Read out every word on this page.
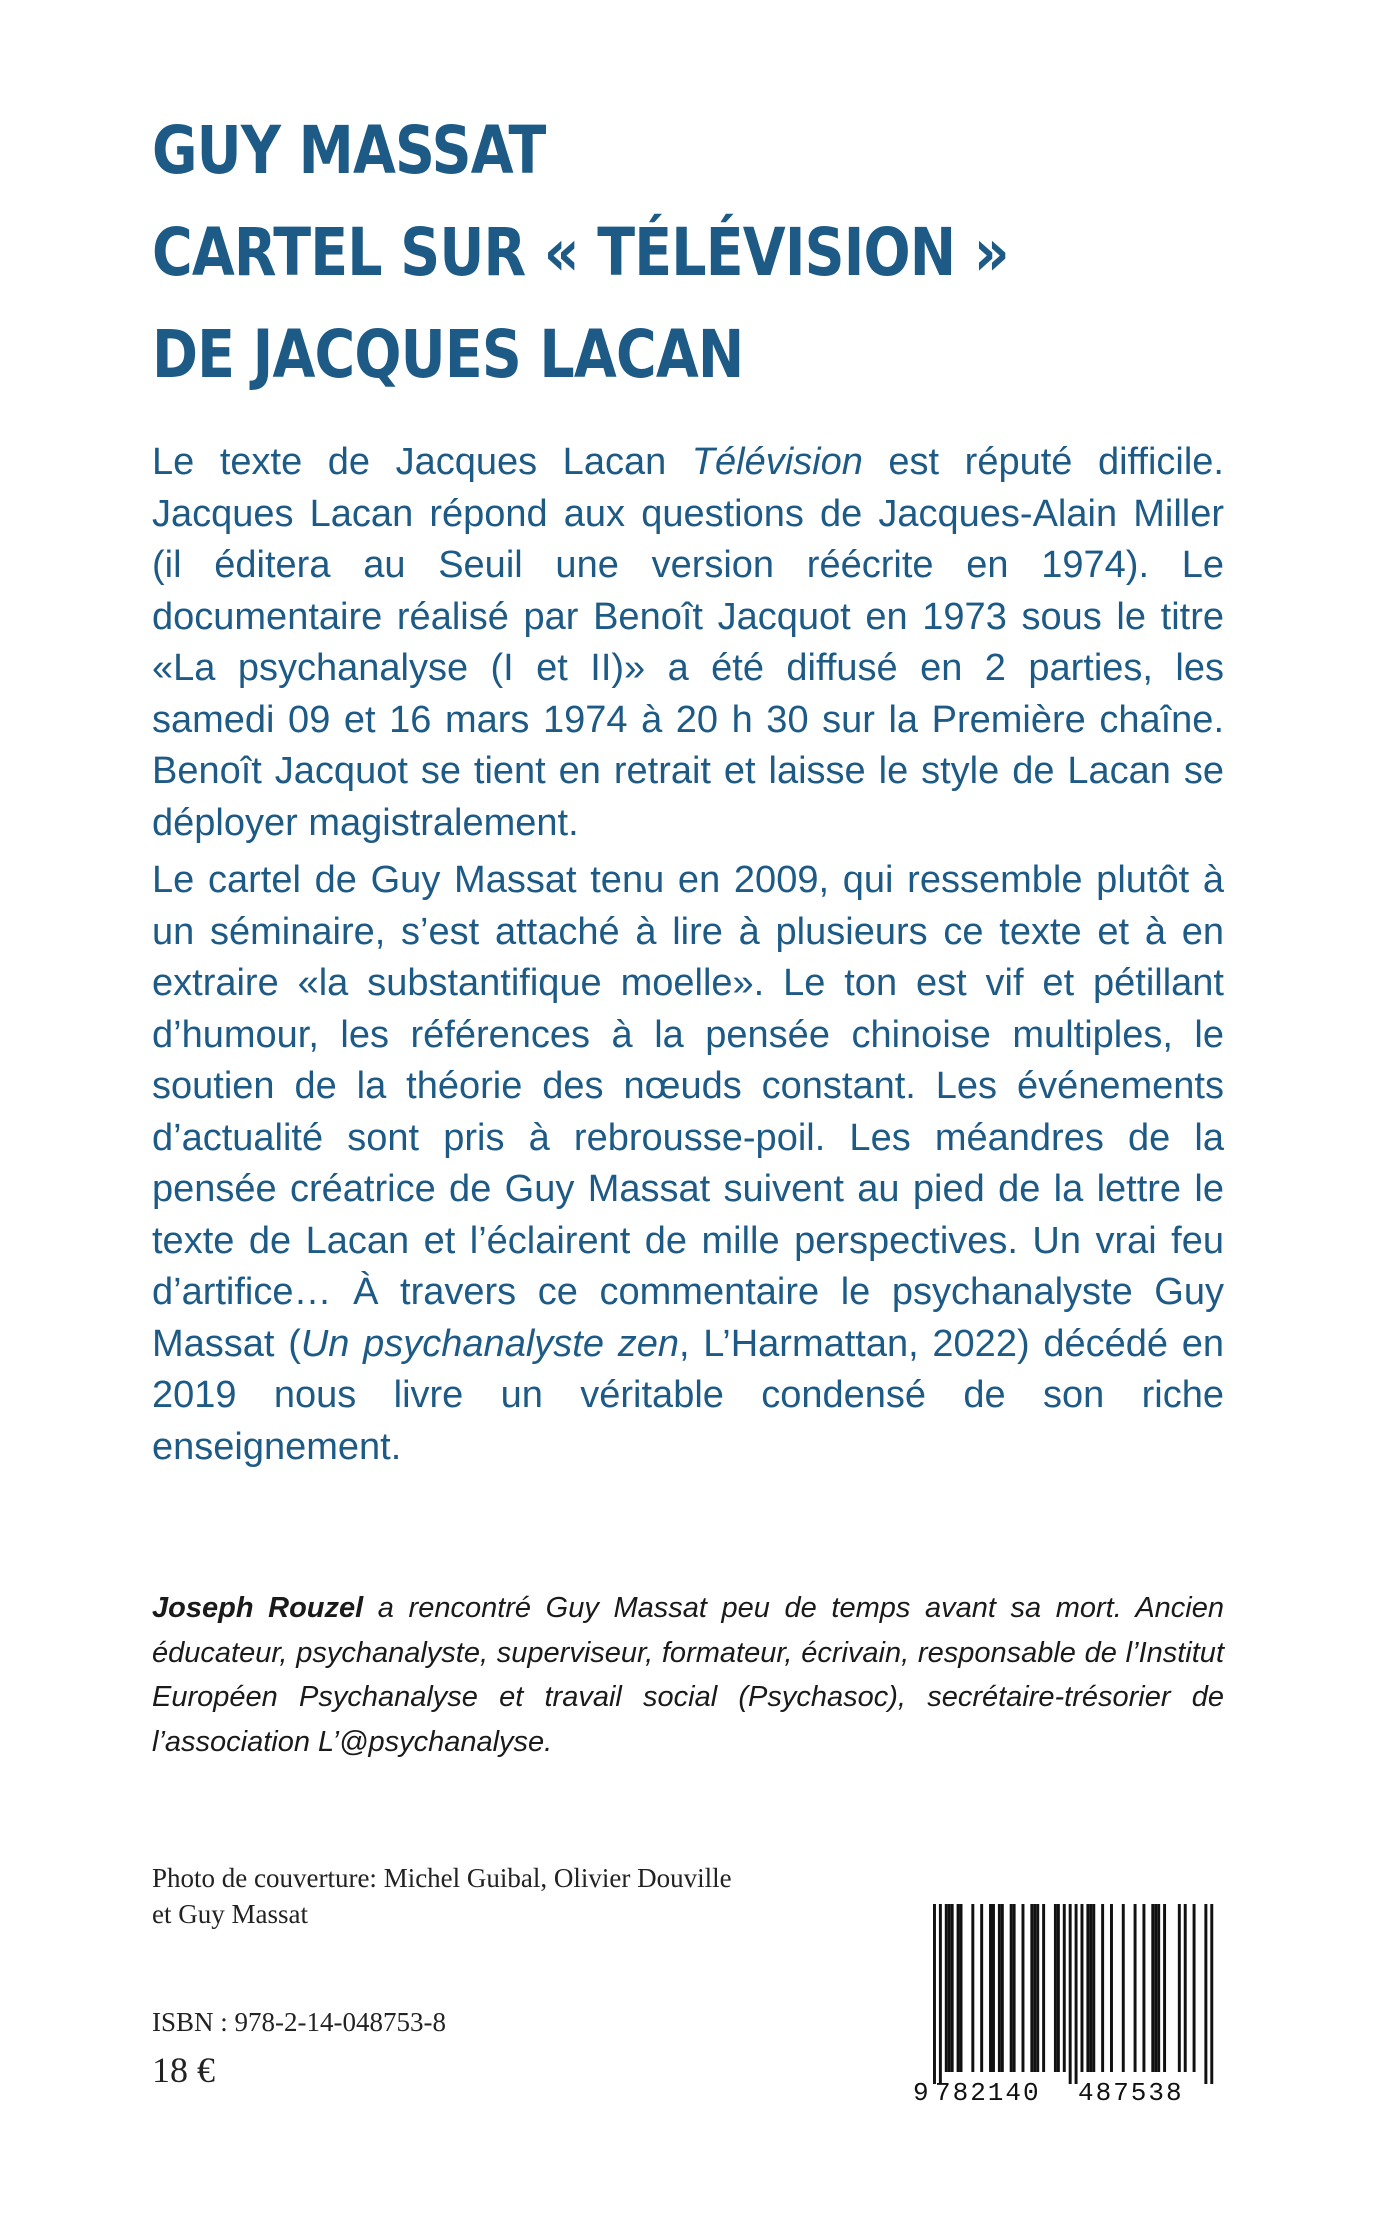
GUY MASSAT
CARTEL SUR « TÉLÉVISION »
DE JACQUES LACAN

Le texte de Jacques Lacan Télévision est réputé difficile. Jacques Lacan répond aux questions de Jacques-Alain Miller (il éditera au Seuil une version réécrite en 1974). Le documentaire réalisé par Benoît Jacquot en 1973 sous le titre «La psychanalyse (I et II)» a été diffusé en 2 parties, les samedi 09 et 16 mars 1974 à 20 h 30 sur la Première chaîne. Benoît Jacquot se tient en retrait et laisse le style de Lacan se déployer magistralement.

Le cartel de Guy Massat tenu en 2009, qui ressemble plutôt à un séminaire, s’est attaché à lire à plusieurs ce texte et à en extraire «la substantifique moelle». Le ton est vif et pétillant d’humour, les références à la pensée chinoise multiples, le soutien de la théorie des nœuds constant. Les événements d’actualité sont pris à rebrousse-poil. Les méandres de la pensée créatrice de Guy Massat suivent au pied de la lettre le texte de Lacan et l’éclairent de mille perspectives. Un vrai feu d’artifice… À travers ce commentaire le psychanalyste Guy Massat (Un psychanalyste zen, L’Harmattan, 2022) décédé en 2019 nous livre un véritable condensé de son riche enseignement.

Joseph Rouzel a rencontré Guy Massat peu de temps avant sa mort. Ancien éducateur, psychanalyste, superviseur, formateur, écrivain, responsable de l’Institut Européen Psychanalyse et travail social (Psychasoc), secrétaire-trésorier de l’association L’@psychanalyse.

Photo de couverture: Michel Guibal, Olivier Douville
et Guy Massat

ISBN : 978-2-14-048753-8

18 €

9 782140 487538
